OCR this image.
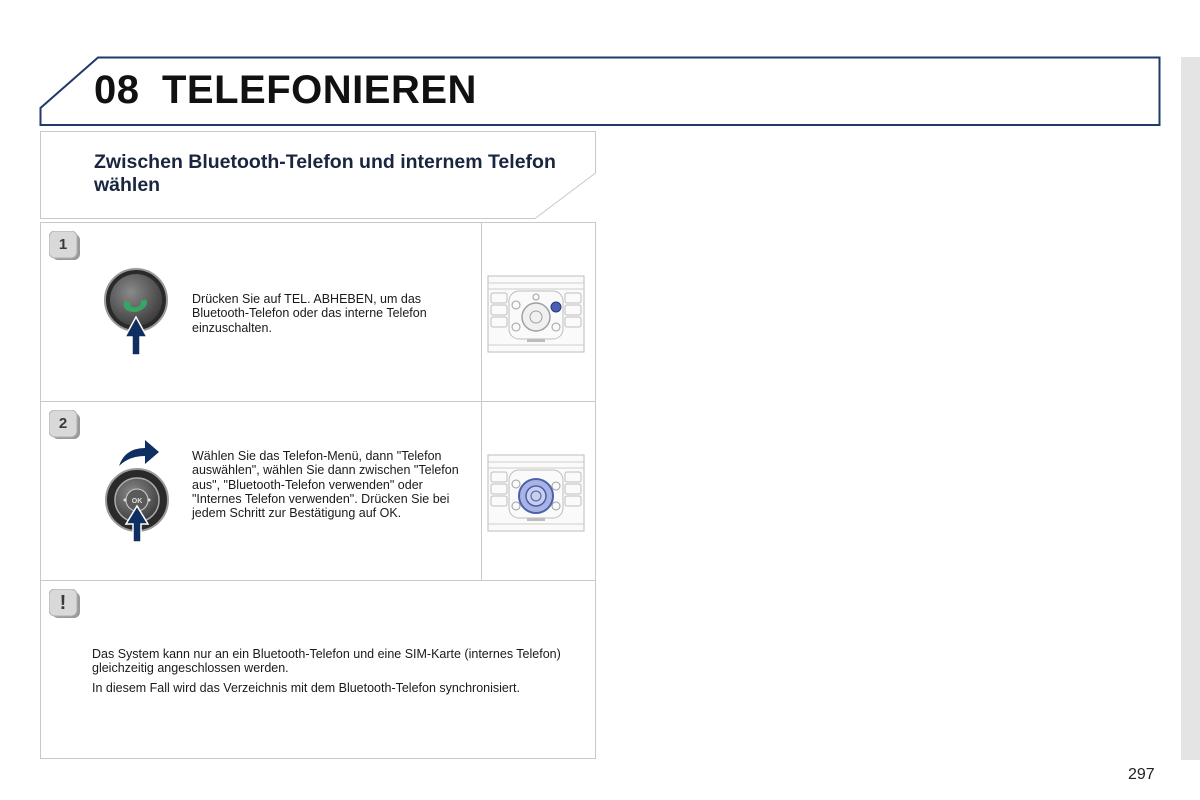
08 TELEFONIEREN
Zwischen Bluetooth-Telefon und internem Telefon wählen
1
Drücken Sie auf TEL. ABHEBEN, um das Bluetooth-Telefon oder das interne Telefon einzuschalten.
2
OK
Wählen Sie das Telefon-Menü, dann "Telefon auswählen", wählen Sie dann zwischen "Telefon aus", "Bluetooth-Telefon verwenden" oder "Internes Telefon verwenden". Drücken Sie bei jedem Schritt zur Bestätigung auf OK.
!

Das System kann nur an ein Bluetooth-Telefon und eine SIM-Karte (internes Telefon) gleichzeitig angeschlossen werden.

In diesem Fall wird das Verzeichnis mit dem Bluetooth-Telefon synchronisiert.

297
